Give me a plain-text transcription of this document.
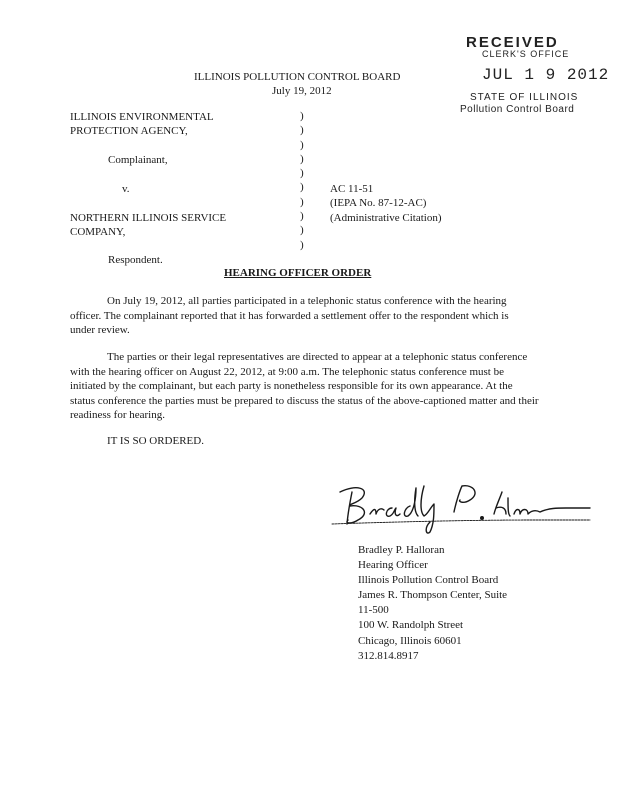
RECEIVED
CLERK'S OFFICE
JUL 1 9 2012
STATE OF ILLINOIS
Pollution Control Board
ILLINOIS POLLUTION CONTROL BOARD
July 19, 2012
ILLINOIS ENVIRONMENTAL
PROTECTION AGENCY,
Complainant,
v.
NORTHERN ILLINOIS SERVICE
COMPANY,
Respondent.
)
)
)
)
)
)
)
)
)
)
AC 11-51
(IEPA No. 87-12-AC)
(Administrative Citation)
HEARING OFFICER ORDER
On July 19, 2012, all parties participated in a telephonic status conference with the hearing officer. The complainant reported that it has forwarded a settlement offer to the respondent which is under review.
The parties or their legal representatives are directed to appear at a telephonic status conference with the hearing officer on August 22, 2012, at 9:00 a.m. The telephonic status conference must be initiated by the complainant, but each party is nonetheless responsible for its own appearance. At the status conference the parties must be prepared to discuss the status of the above-captioned matter and their readiness for hearing.
IT IS SO ORDERED.
Bradley P. Halloran
Hearing Officer
Illinois Pollution Control Board
James R. Thompson Center, Suite
11-500
100 W. Randolph Street
Chicago, Illinois 60601
312.814.8917
